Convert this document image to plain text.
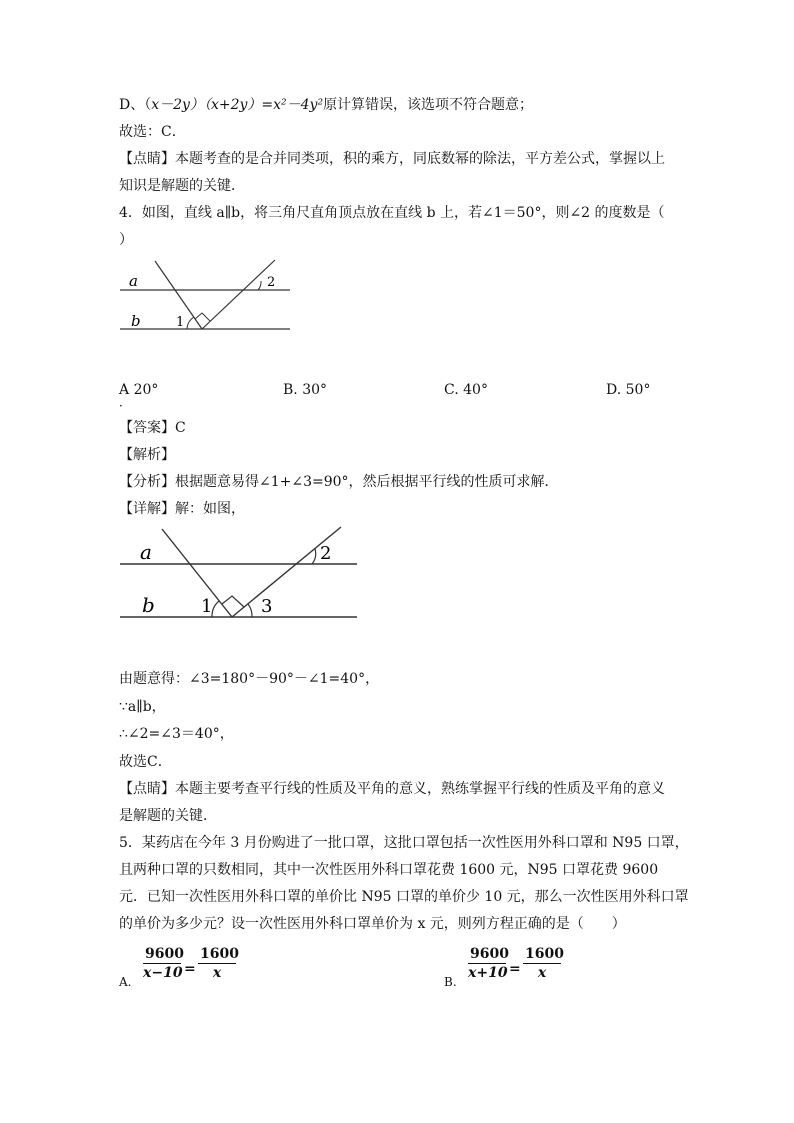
D、（x－2y）（x+2y）=x²－4y²原计算错误，该选项不符合题意；
故选：C．
【点睛】本题考查的是合并同类项，积的乘方，同底数幂的除法，平方差公式，掌握以上
知识是解题的关键．
4．如图，直线 a∥b，将三角尺直角顶点放在直线 b 上，若∠1＝50°，则∠2 的度数是（
）
a
b	1
2
A 20°
．
B. 30°	C. 40°	D. 50°
【答案】C
【解析】
【分析】根据题意易得∠1+∠3=90°，然后根据平行线的性质可求解．
【详解】解：如图，
a
b	1	3
2
由题意得：∠3=180°－90°－∠1=40°，
∵a∥b，
∴∠2=∠3＝40°，
故选C．
【点睛】本题主要考查平行线的性质及平角的意义，熟练掌握平行线的性质及平角的意义
是解题的关键．
5．某药店在今年 3 月份购进了一批口罩，这批口罩包括一次性医用外科口罩和 N95 口罩，
且两种口罩的只数相同，其中一次性医用外科口罩花费 1600 元，N95 口罩花费 9600
元．已知一次性医用外科口罩的单价比 N95 口罩的单价少 10 元，那么一次性医用外科口罩
的单价为多少元？设一次性医用外科口罩单价为 x 元，则列方程正确的是（　　）
A. $\frac{9600}{x-10} = \frac{1600}{x}$	B. $\frac{9600}{x+10} = \frac{1600}{x}$
